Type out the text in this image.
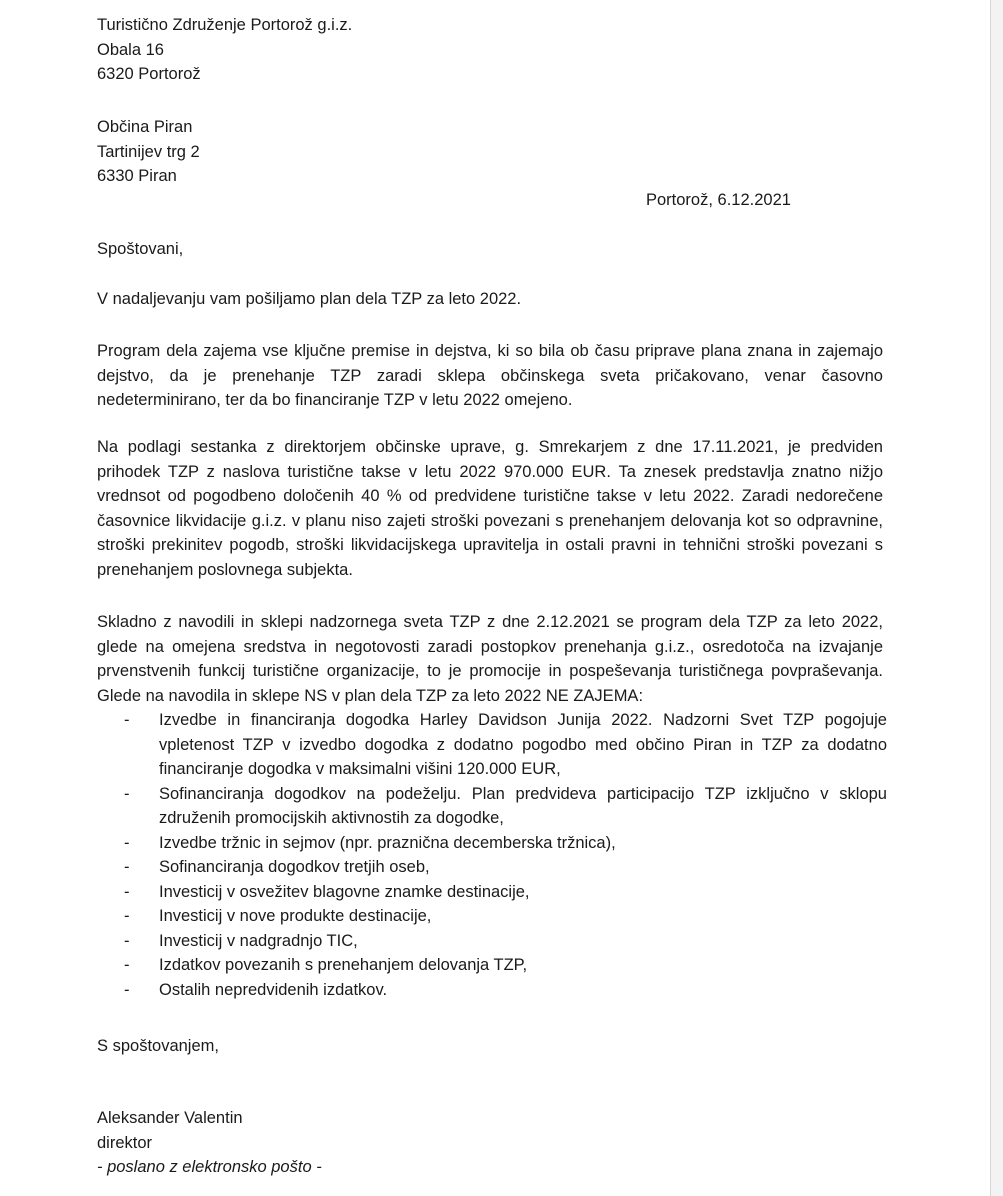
Turistično Združenje Portorož g.i.z.
Obala 16
6320 Portorož
Občina Piran
Tartinijev trg 2
6330 Piran
Portorož, 6.12.2021
Spoštovani,
V nadaljevanju vam pošiljamo plan dela TZP za leto 2022.
Program dela zajema vse ključne premise in dejstva, ki so bila ob času priprave plana znana in zajemajo dejstvo, da je prenehanje TZP zaradi sklepa občinskega sveta pričakovano, venar časovno nedeterminirano, ter da bo financiranje TZP v letu 2022 omejeno.
Na podlagi sestanka z direktorjem občinske uprave, g. Smrekarjem z dne 17.11.2021, je predviden prihodek TZP z naslova turistične takse v letu 2022 970.000 EUR. Ta znesek predstavlja znatno nižjo vrednsot od pogodbeno določenih 40 % od predvidene turistične takse v letu 2022. Zaradi nedorečene časovnice likvidacije g.i.z. v planu niso zajeti stroški povezani s prenehanjem delovanja kot so odpravnine, stroški prekinitev pogodb, stroški likvidacijskega upravitelja in ostali pravni in tehnični stroški povezani s prenehanjem poslovnega subjekta.
Skladno z navodili in sklepi nadzornega sveta TZP z dne 2.12.2021 se program dela TZP za leto 2022, glede na omejena sredstva in negotovosti zaradi postopkov prenehanja g.i.z., osredotoča na izvajanje prvenstvenih funkcij turistične organizacije, to je promocije in pospeševanja turističnega povpraševanja. Glede na navodila in sklepe NS v plan dela TZP za leto 2022 NE ZAJEMA:
- Izvedbe in financiranja dogodka Harley Davidson Junija 2022. Nadzorni Svet TZP pogojuje vpletenost TZP v izvedbo dogodka z dodatno pogodbo med občino Piran in TZP za dodatno financiranje dogodka v maksimalni višini 120.000 EUR,
- Sofinanciranja dogodkov na podeželju. Plan predvideva participacijo TZP izključno v sklopu združenih promocijskih aktivnostih za dogodke,
- Izvedbe tržnic in sejmov (npr. praznična decemberska tržnica),
- Sofinanciranja dogodkov tretjih oseb,
- Investicij v osvežitev blagovne znamke destinacije,
- Investicij v nove produkte destinacije,
- Investicij v nadgradnjo TIC,
- Izdatkov povezanih s prenehanjem delovanja TZP,
- Ostalih nepredvidenih izdatkov.
S spoštovanjem,
Aleksander Valentin
direktor
- poslano z elektronsko pošto -
